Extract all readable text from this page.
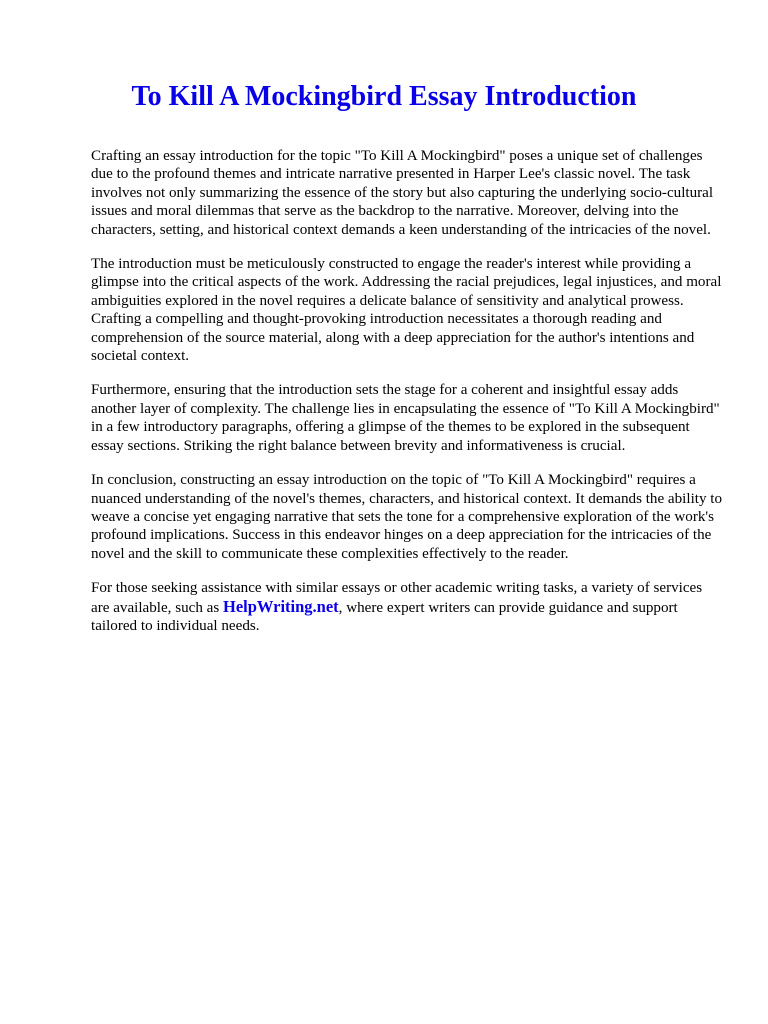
To Kill A Mockingbird Essay Introduction

Crafting an essay introduction for the topic "To Kill A Mockingbird" poses a unique set of challenges due to the profound themes and intricate narrative presented in Harper Lee's classic novel. The task involves not only summarizing the essence of the story but also capturing the underlying socio-cultural issues and moral dilemmas that serve as the backdrop to the narrative. Moreover, delving into the characters, setting, and historical context demands a keen understanding of the intricacies of the novel.

The introduction must be meticulously constructed to engage the reader's interest while providing a glimpse into the critical aspects of the work. Addressing the racial prejudices, legal injustices, and moral ambiguities explored in the novel requires a delicate balance of sensitivity and analytical prowess. Crafting a compelling and thought-provoking introduction necessitates a thorough reading and comprehension of the source material, along with a deep appreciation for the author's intentions and societal context.

Furthermore, ensuring that the introduction sets the stage for a coherent and insightful essay adds another layer of complexity. The challenge lies in encapsulating the essence of "To Kill A Mockingbird" in a few introductory paragraphs, offering a glimpse of the themes to be explored in the subsequent essay sections. Striking the right balance between brevity and informativeness is crucial.

In conclusion, constructing an essay introduction on the topic of "To Kill A Mockingbird" requires a nuanced understanding of the novel's themes, characters, and historical context. It demands the ability to weave a concise yet engaging narrative that sets the tone for a comprehensive exploration of the work's profound implications. Success in this endeavor hinges on a deep appreciation for the intricacies of the novel and the skill to communicate these complexities effectively to the reader.

For those seeking assistance with similar essays or other academic writing tasks, a variety of services are available, such as HelpWriting.net, where expert writers can provide guidance and support tailored to individual needs.
